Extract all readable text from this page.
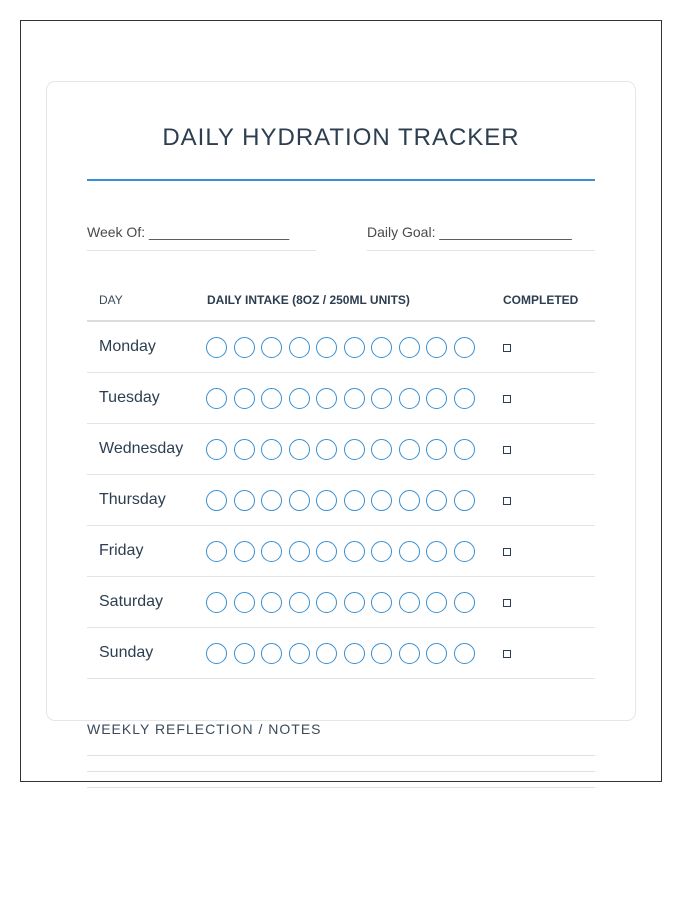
DAILY HYDRATION TRACKER
Week Of: __________________	Daily Goal: _________________
DAY	DAILY INTAKE (8OZ / 250ML UNITS)	COMPLETED
Monday
Tuesday
Wednesday
Thursday
Friday
Saturday
Sunday
WEEKLY REFLECTION / NOTES
